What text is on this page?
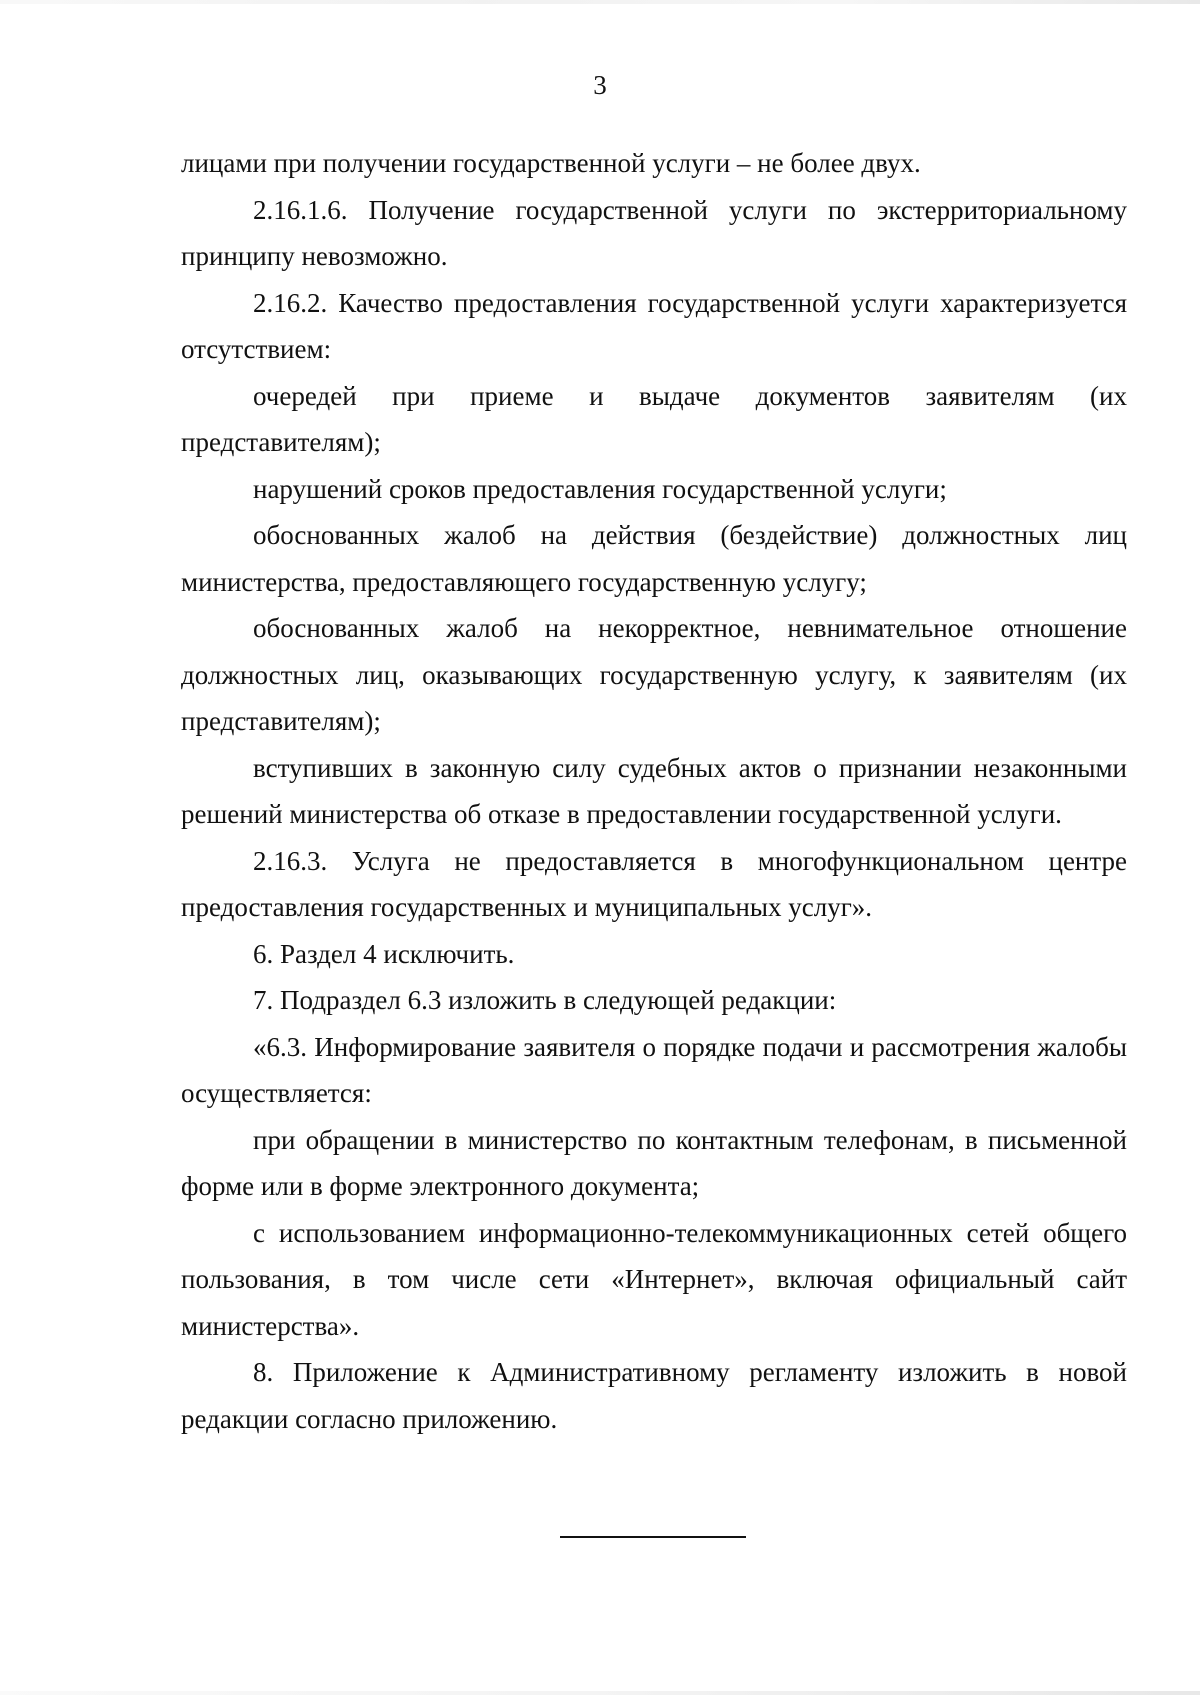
3

лицами при получении государственной услуги – не более двух.

2.16.1.6. Получение государственной услуги по экстерриториальному принципу невозможно.

2.16.2. Качество предоставления государственной услуги характеризуется отсутствием:

очередей при приеме и выдаче документов заявителям (их представителям);

нарушений сроков предоставления государственной услуги;

обоснованных жалоб на действия (бездействие) должностных лиц министерства, предоставляющего государственную услугу;

обоснованных жалоб на некорректное, невнимательное отношение должностных лиц, оказывающих государственную услугу, к заявителям (их представителям);

вступивших в законную силу судебных актов о признании незаконными решений министерства об отказе в предоставлении государственной услуги.

2.16.3. Услуга не предоставляется в многофункциональном центре предоставления государственных и муниципальных услуг».

6. Раздел 4 исключить.

7. Подраздел 6.3 изложить в следующей редакции:

«6.3. Информирование заявителя о порядке подачи и рассмотрения жалобы осуществляется:

при обращении в министерство по контактным телефонам, в письменной форме или в форме электронного документа;

с использованием информационно-телекоммуникационных сетей общего пользования, в том числе сети «Интернет», включая официальный сайт министерства».

8. Приложение к Административному регламенту изложить в новой редакции согласно приложению.
